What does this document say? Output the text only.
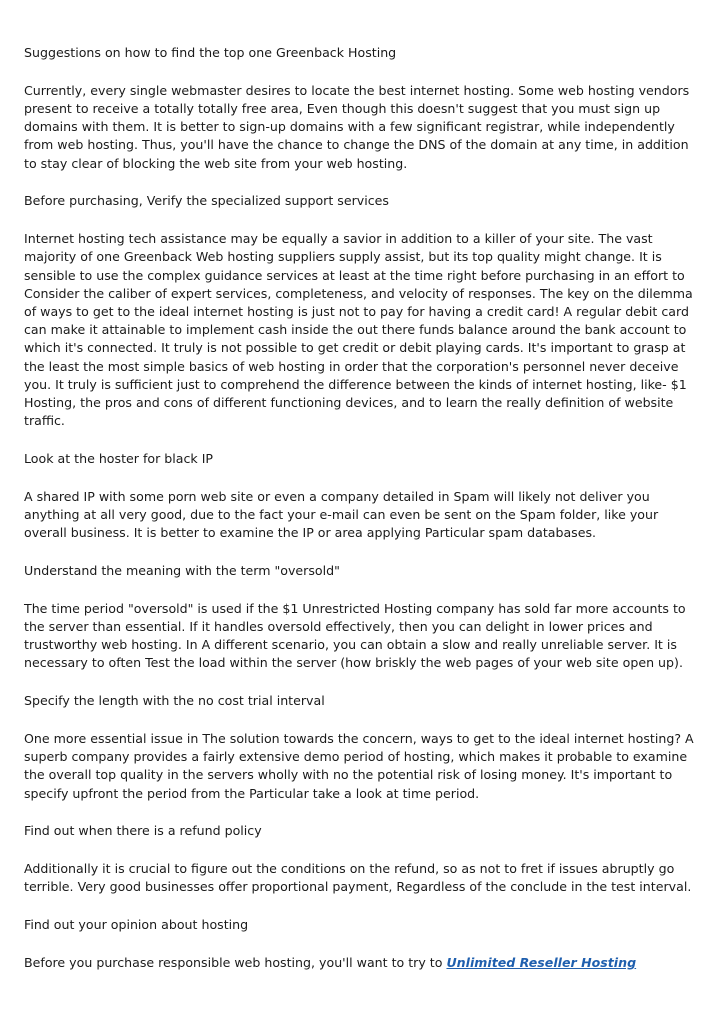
Suggestions on how to find the top one Greenback Hosting

Currently, every single webmaster desires to locate the best internet hosting. Some web hosting vendors present to receive a totally totally free area, Even though this doesn't suggest that you must sign up domains with them. It is better to sign-up domains with a few significant registrar, while independently from web hosting. Thus, you'll have the chance to change the DNS of the domain at any time, in addition to stay clear of blocking the web site from your web hosting.

Before purchasing, Verify the specialized support services

Internet hosting tech assistance may be equally a savior in addition to a killer of your site. The vast majority of one Greenback Web hosting suppliers supply assist, but its top quality might change. It is sensible to use the complex guidance services at least at the time right before purchasing in an effort to Consider the caliber of expert services, completeness, and velocity of responses. The key on the dilemma of ways to get to the ideal internet hosting is just not to pay for having a credit card! A regular debit card can make it attainable to implement cash inside the out there funds balance around the bank account to which it's connected. It truly is not possible to get credit or debit playing cards. It's important to grasp at the least the most simple basics of web hosting in order that the corporation's personnel never deceive you. It truly is sufficient just to comprehend the difference between the kinds of internet hosting, like- $1 Hosting, the pros and cons of different functioning devices, and to learn the really definition of website traffic.

Look at the hoster for black IP

A shared IP with some porn web site or even a company detailed in Spam will likely not deliver you anything at all very good, due to the fact your e-mail can even be sent on the Spam folder, like your overall business. It is better to examine the IP or area applying Particular spam databases.

Understand the meaning with the term "oversold"

The time period "oversold" is used if the $1 Unrestricted Hosting company has sold far more accounts to the server than essential. If it handles oversold effectively, then you can delight in lower prices and trustworthy web hosting. In A different scenario, you can obtain a slow and really unreliable server. It is necessary to often Test the load within the server (how briskly the web pages of your web site open up).

Specify the length with the no cost trial interval

One more essential issue in The solution towards the concern, ways to get to the ideal internet hosting? A superb company provides a fairly extensive demo period of hosting, which makes it probable to examine the overall top quality in the servers wholly with no the potential risk of losing money. It's important to specify upfront the period from the Particular take a look at time period.

Find out when there is a refund policy

Additionally it is crucial to figure out the conditions on the refund, so as not to fret if issues abruptly go terrible. Very good businesses offer proportional payment, Regardless of the conclude in the test interval.

Find out your opinion about hosting

Before you purchase responsible web hosting, you'll want to try to Unlimited Reseller Hosting
